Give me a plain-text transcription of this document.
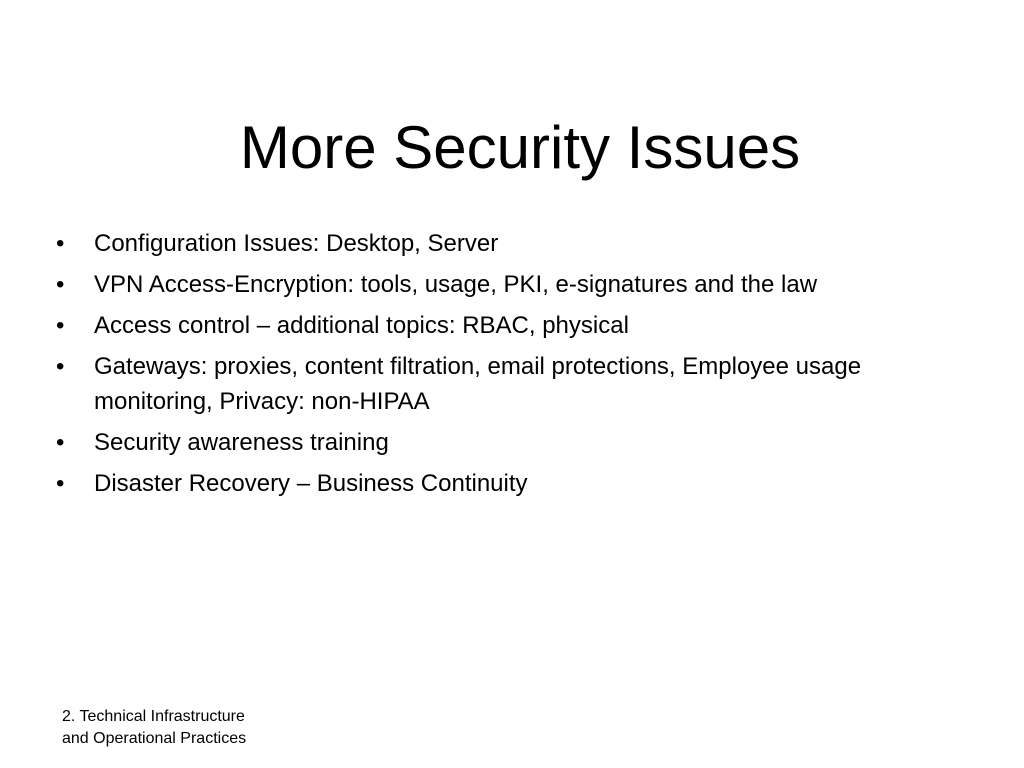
More Security Issues
• Configuration Issues: Desktop, Server
• VPN Access-Encryption: tools, usage, PKI, e-signatures and the law
• Access control – additional topics: RBAC, physical
• Gateways: proxies, content filtration, email protections, Employee usage monitoring, Privacy: non-HIPAA
• Security awareness training
• Disaster Recovery – Business Continuity
2. Technical Infrastructure and Operational Practices
